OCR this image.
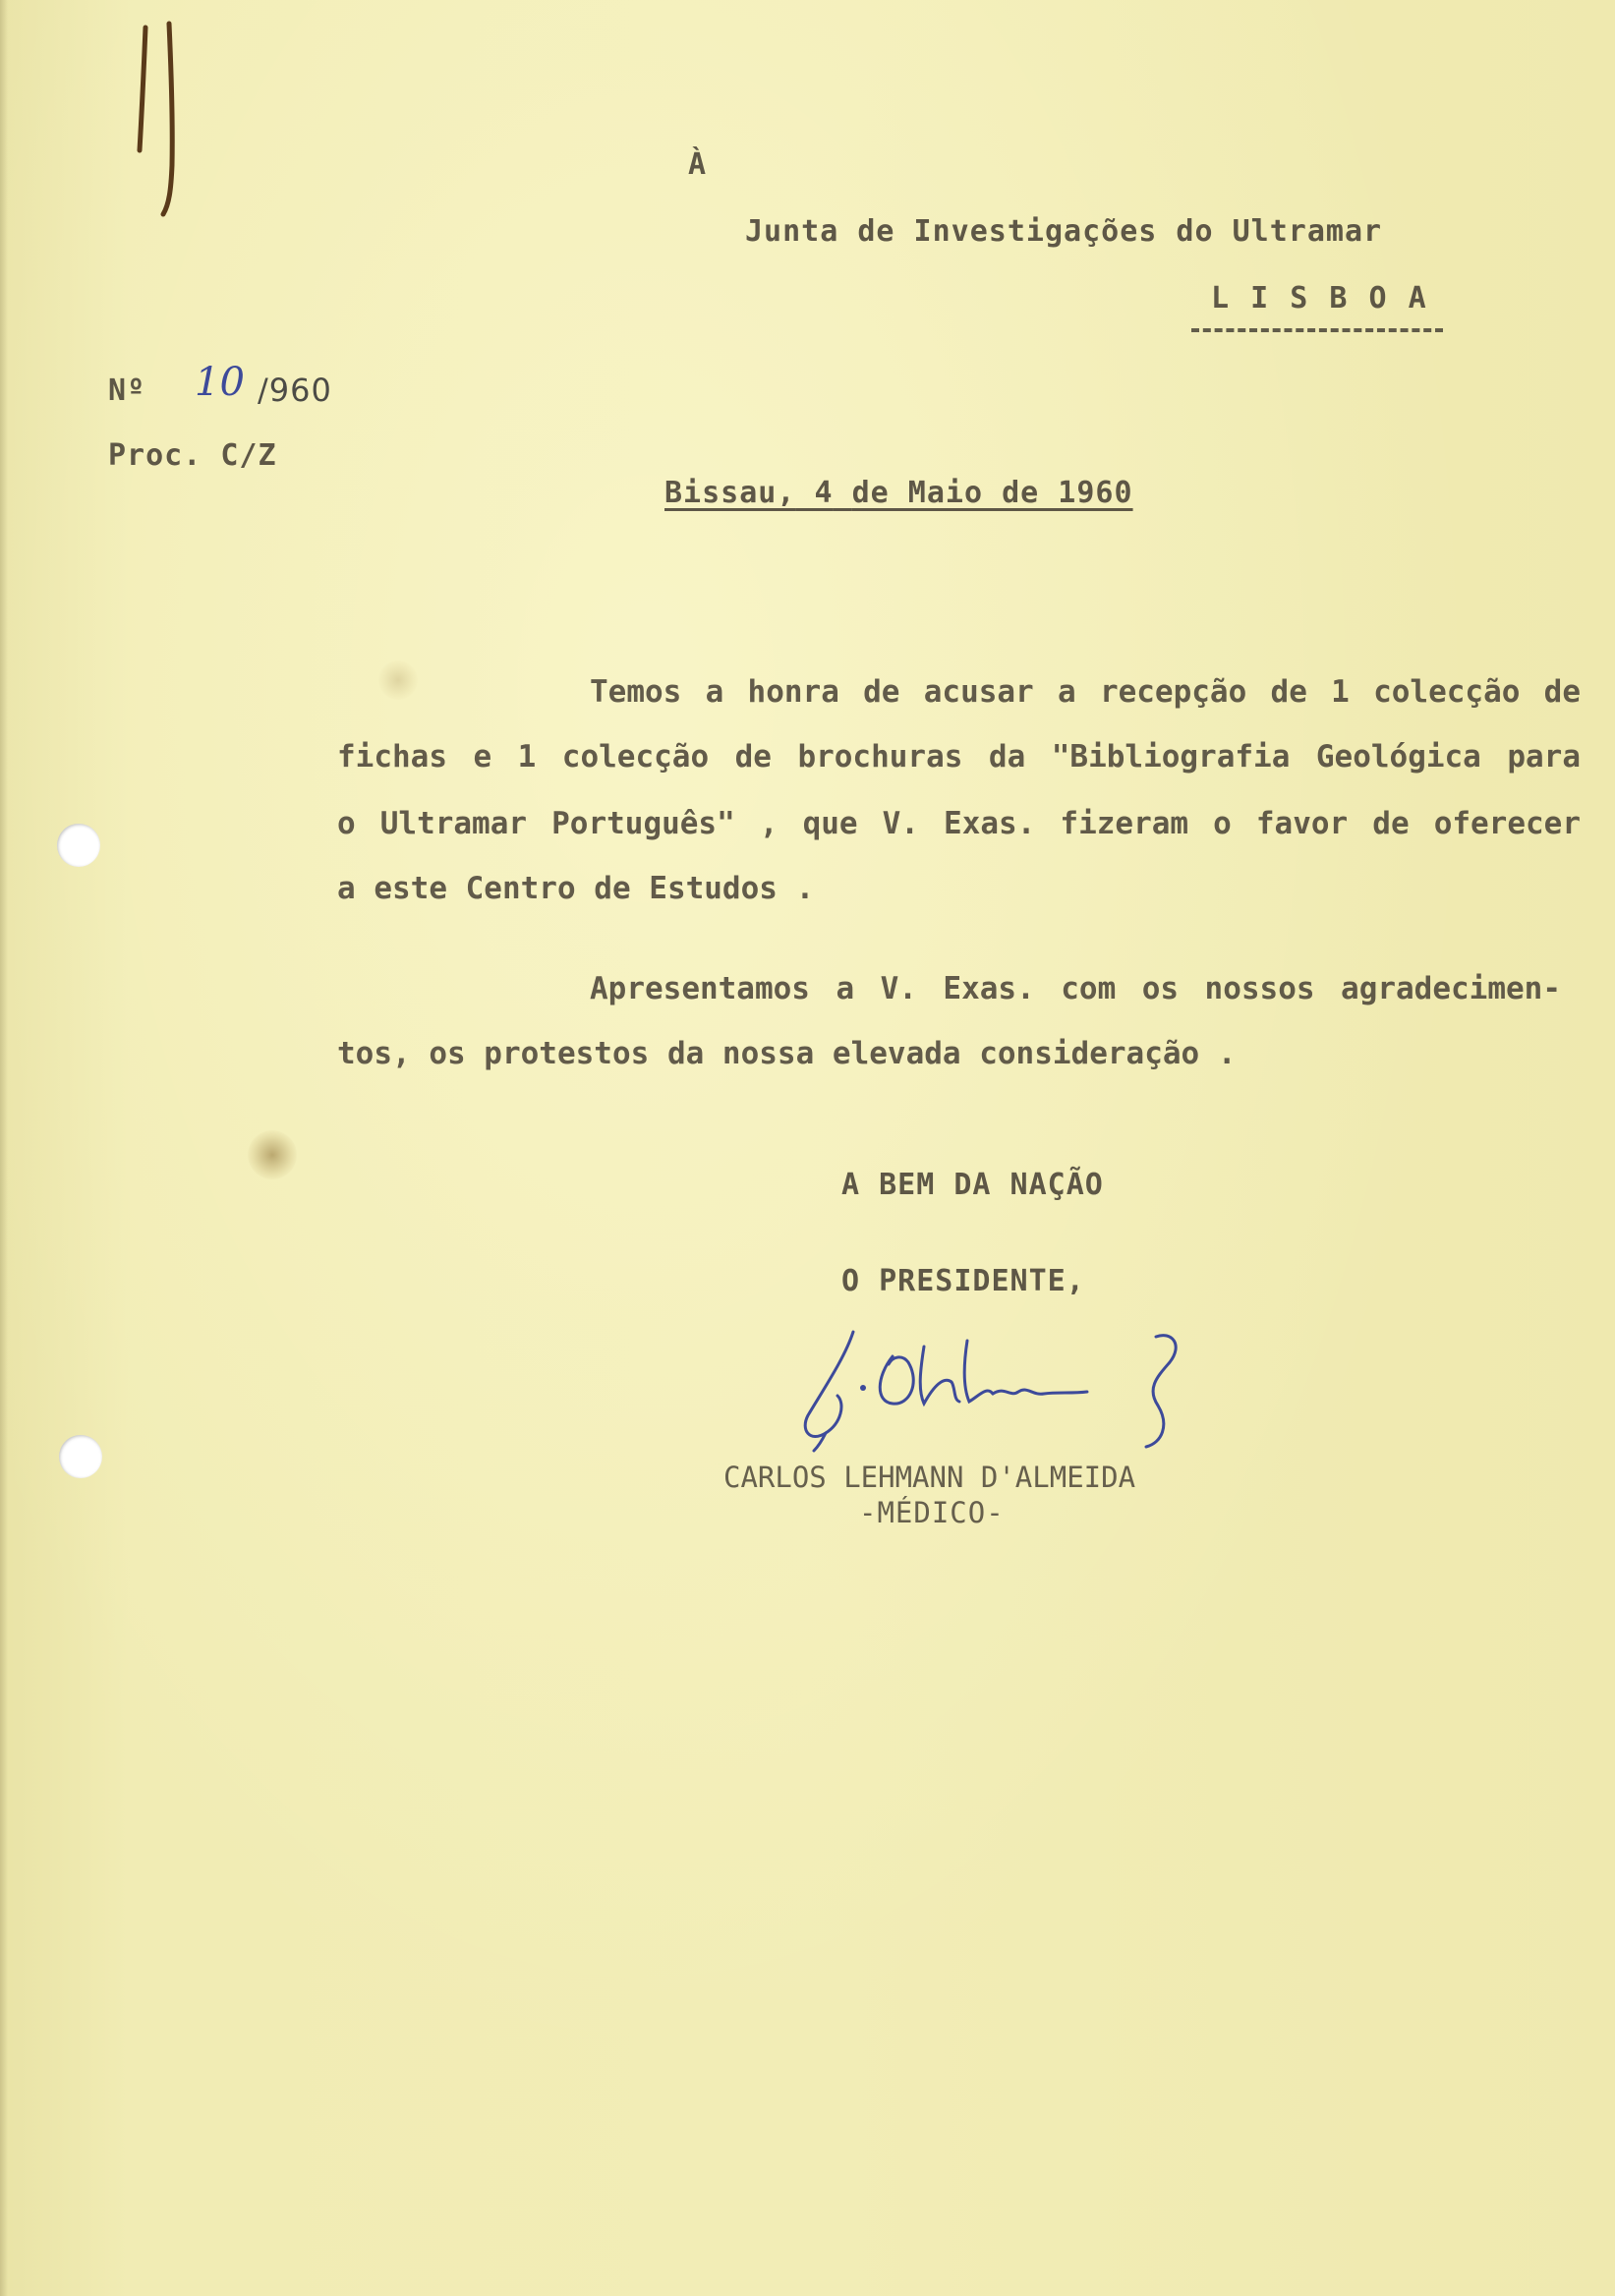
À
Junta de Investigações do Ultramar
L I S B O A
Nº 10 /960
Proc. C/Z
Bissau, 4 de Maio de 1960
Temos a honra de acusar a recepção de 1 colecção de
fichas e 1 colecção de brochuras da "Bibliografia Geológica para
o Ultramar Português" , que V. Exas. fizeram o favor de oferecer
a este Centro de Estudos .
Apresentamos a V. Exas. com os nossos agradecimen-
tos, os protestos da nossa elevada consideração .
A BEM DA NAÇÃO
O PRESIDENTE,
CARLOS LEHMANN D'ALMEIDA
-MÉDICO-
